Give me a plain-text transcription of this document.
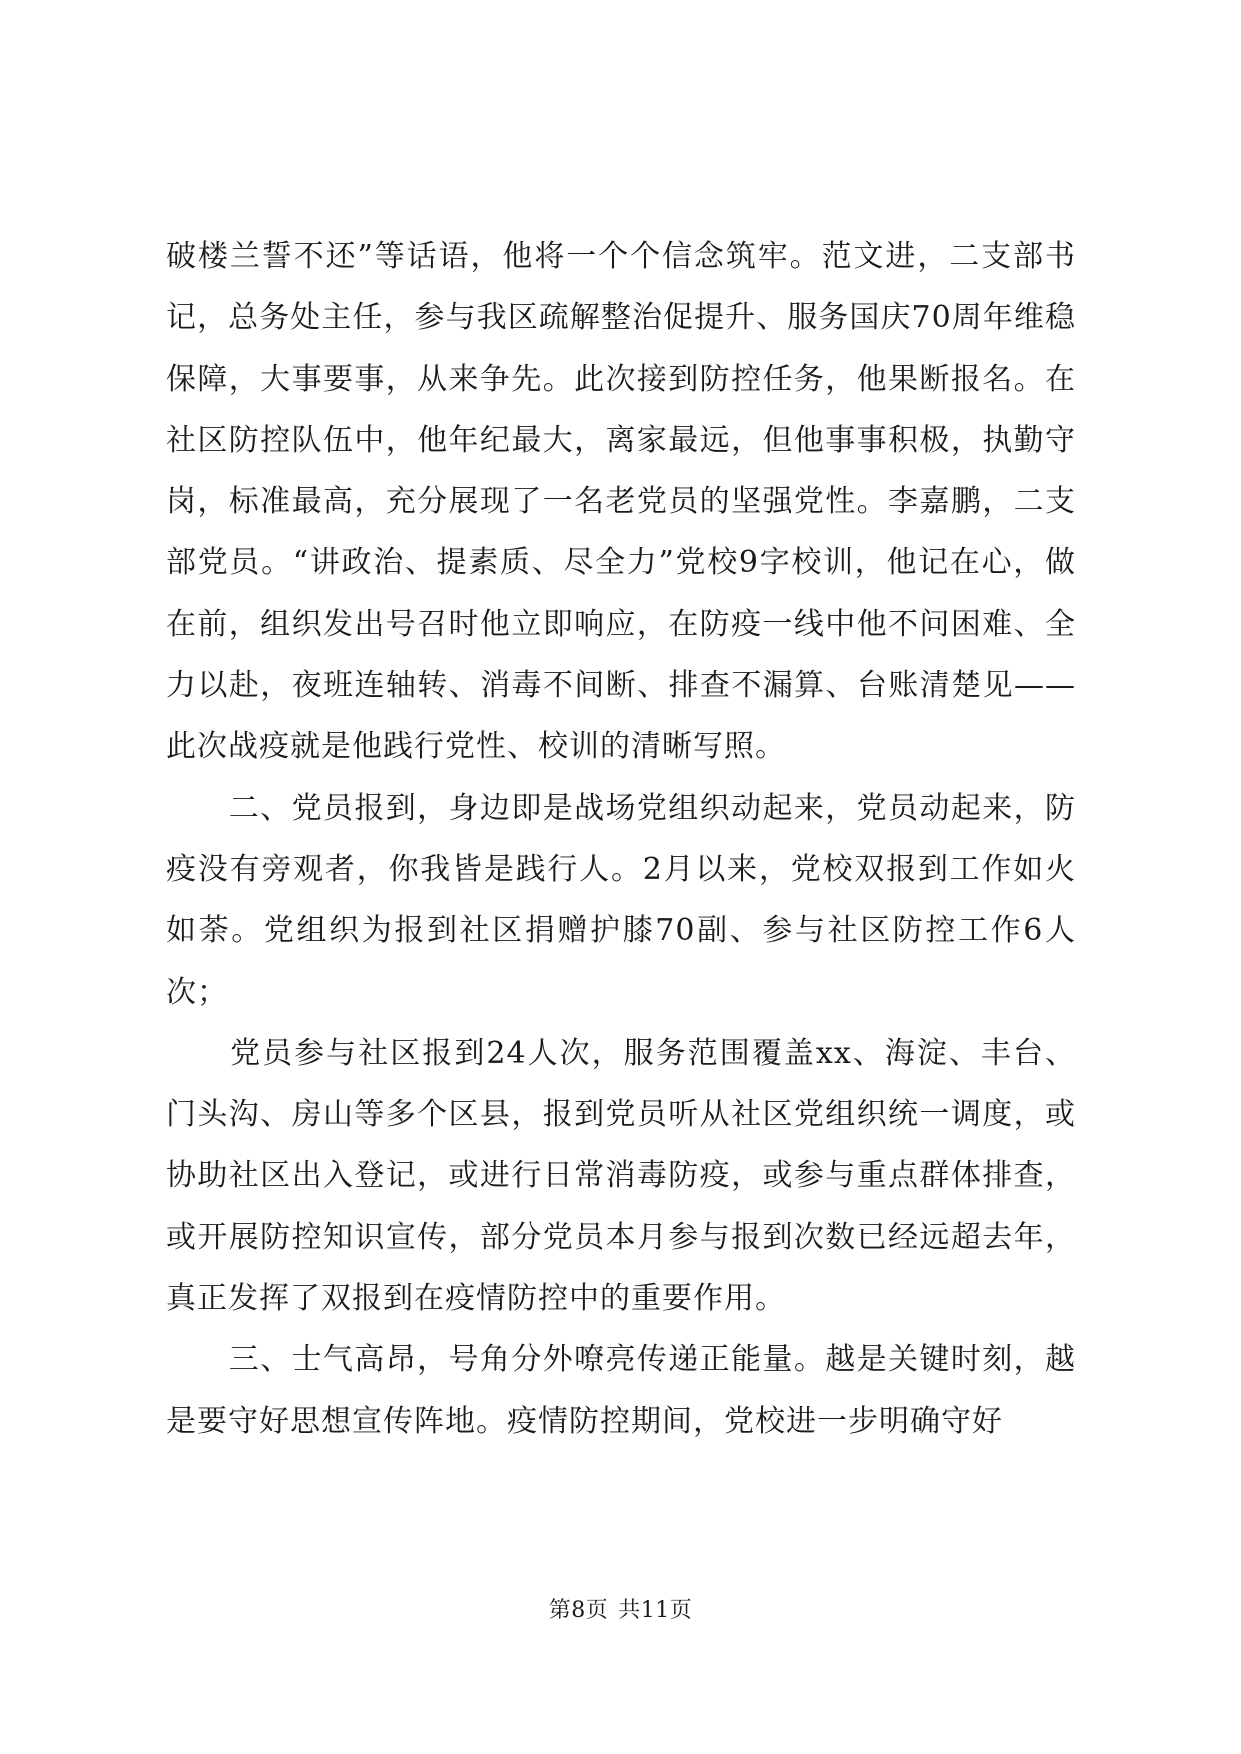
破楼兰誓不还”等话语，他将一个个信念筑牢。范文进，二支部书记，总务处主任，参与我区疏解整治促提升、服务国庆70周年维稳保障，大事要事，从来争先。此次接到防控任务，他果断报名。在社区防控队伍中，他年纪最大，离家最远，但他事事积极，执勤守岗，标准最高，充分展现了一名老党员的坚强党性。李嘉鹏，二支部党员。“讲政治、提素质、尽全力”党校9字校训，他记在心，做在前，组织发出号召时他立即响应，在防疫一线中他不问困难、全力以赴，夜班连轴转、消毒不间断、排查不漏算、台账清楚见——此次战疫就是他践行党性、校训的清晰写照。

　　二、党员报到，身边即是战场党组织动起来，党员动起来，防疫没有旁观者，你我皆是践行人。2月以来，党校双报到工作如火如荼。党组织为报到社区捐赠护膝70副、参与社区防控工作6人次；

　　党员参与社区报到24人次，服务范围覆盖xx、海淀、丰台、门头沟、房山等多个区县，报到党员听从社区党组织统一调度，或协助社区出入登记，或进行日常消毒防疫，或参与重点群体排查，或开展防控知识宣传，部分党员本月参与报到次数已经远超去年，真正发挥了双报到在疫情防控中的重要作用。

　　三、士气高昂，号角分外嘹亮传递正能量。越是关键时刻，越是要守好思想宣传阵地。疫情防控期间，党校进一步明确守好

第8页 共11页
